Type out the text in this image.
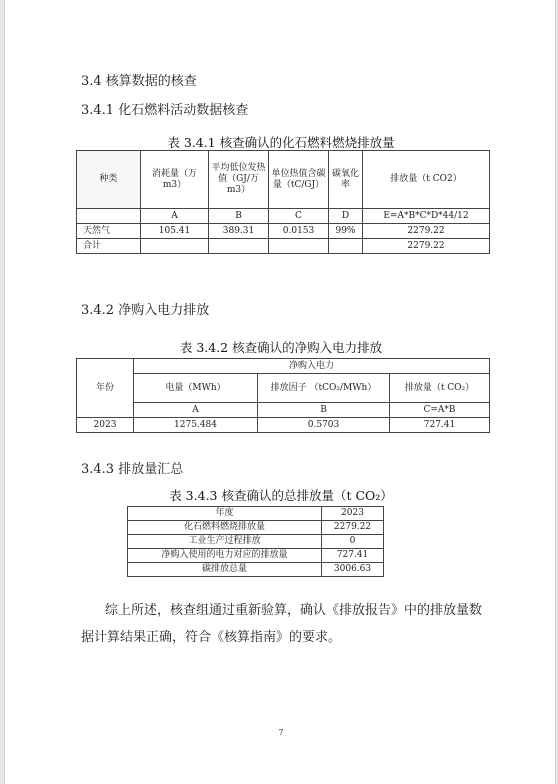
3.4 核算数据的核查
3.4.1 化石燃料活动数据核查
表 3.4.1 核查确认的化石燃料燃烧排放量
种类	消耗量（万m3）	平均低位发热值（GJ/万m3）	单位热值含碳量（tC/GJ）	碳氧化率	排放量（t CO2）
	A	B	C	D	E=A*B*C*D*44/12
天然气	105.41	389.31	0.0153	99%	2279.22
合计					2279.22
3.4.2 净购入电力排放
表 3.4.2 核查确认的净购入电力排放
年份	净购入电力		
	电量（MWh）	排放因子 （tCO₂/MWh）	排放量（t CO₂）
	A	B	C=A*B
2023	1275.484	0.5703	727.41
3.4.3 排放量汇总
表 3.4.3 核查确认的总排放量（t CO₂）
年度	2023
化石燃料燃烧排放量	2279.22
工业生产过程排放	0
净购入使用的电力对应的排放量	727.41
碳排放总量	3006.63
综上所述，核查组通过重新验算，确认《排放报告》中的排放量数
据计算结果正确，符合《核算指南》的要求。
7
